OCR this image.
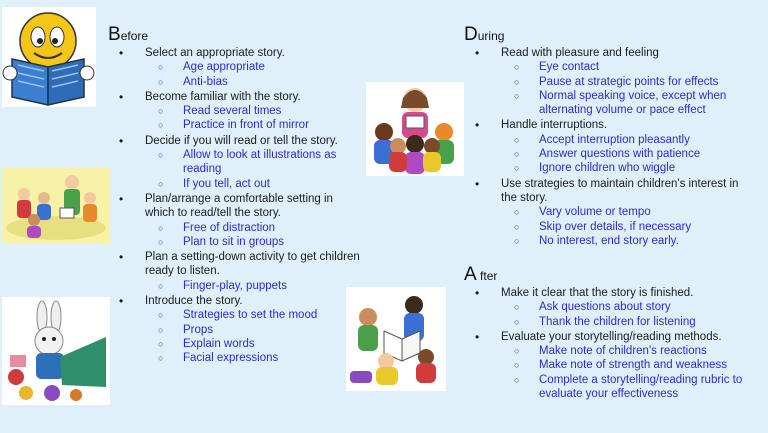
Before
• Select an appropriate story.
○ Age appropriate
○ Anti-bias
• Become familiar with the story.
○ Read several times
○ Practice in front of mirror
• Decide if you will read or tell the story.
○ Allow to look at illustrations as reading
○ If you tell, act out
• Plan/arrange a comfortable setting in which to read/tell the story.
○ Free of distraction
○ Plan to sit in groups
• Plan a setting-down activity to get children ready to listen.
○ Finger-play, puppets
• Introduce the story.
○ Strategies to set the mood
○ Props
○ Explain words
○ Facial expressions
During
• Read with pleasure and feeling
○ Eye contact
○ Pause at strategic points for effects
○ Normal speaking voice, except when alternating volume or pace effect
• Handle interruptions.
○ Accept interruption pleasantly
○ Answer questions with patience
○ Ignore children who wiggle
• Use strategies to maintain children's interest in the story.
○ Vary volume or tempo
○ Skip over details, if necessary
○ No interest, end story early.
A fter
• Make it clear that the story is finished.
○ Ask questions about story
○ Thank the children for listening
• Evaluate your storytelling/reading methods.
○ Make note of children's reactions
○ Make note of strength and weakness
○ Complete a storytelling/reading rubric to evaluate your effectiveness
